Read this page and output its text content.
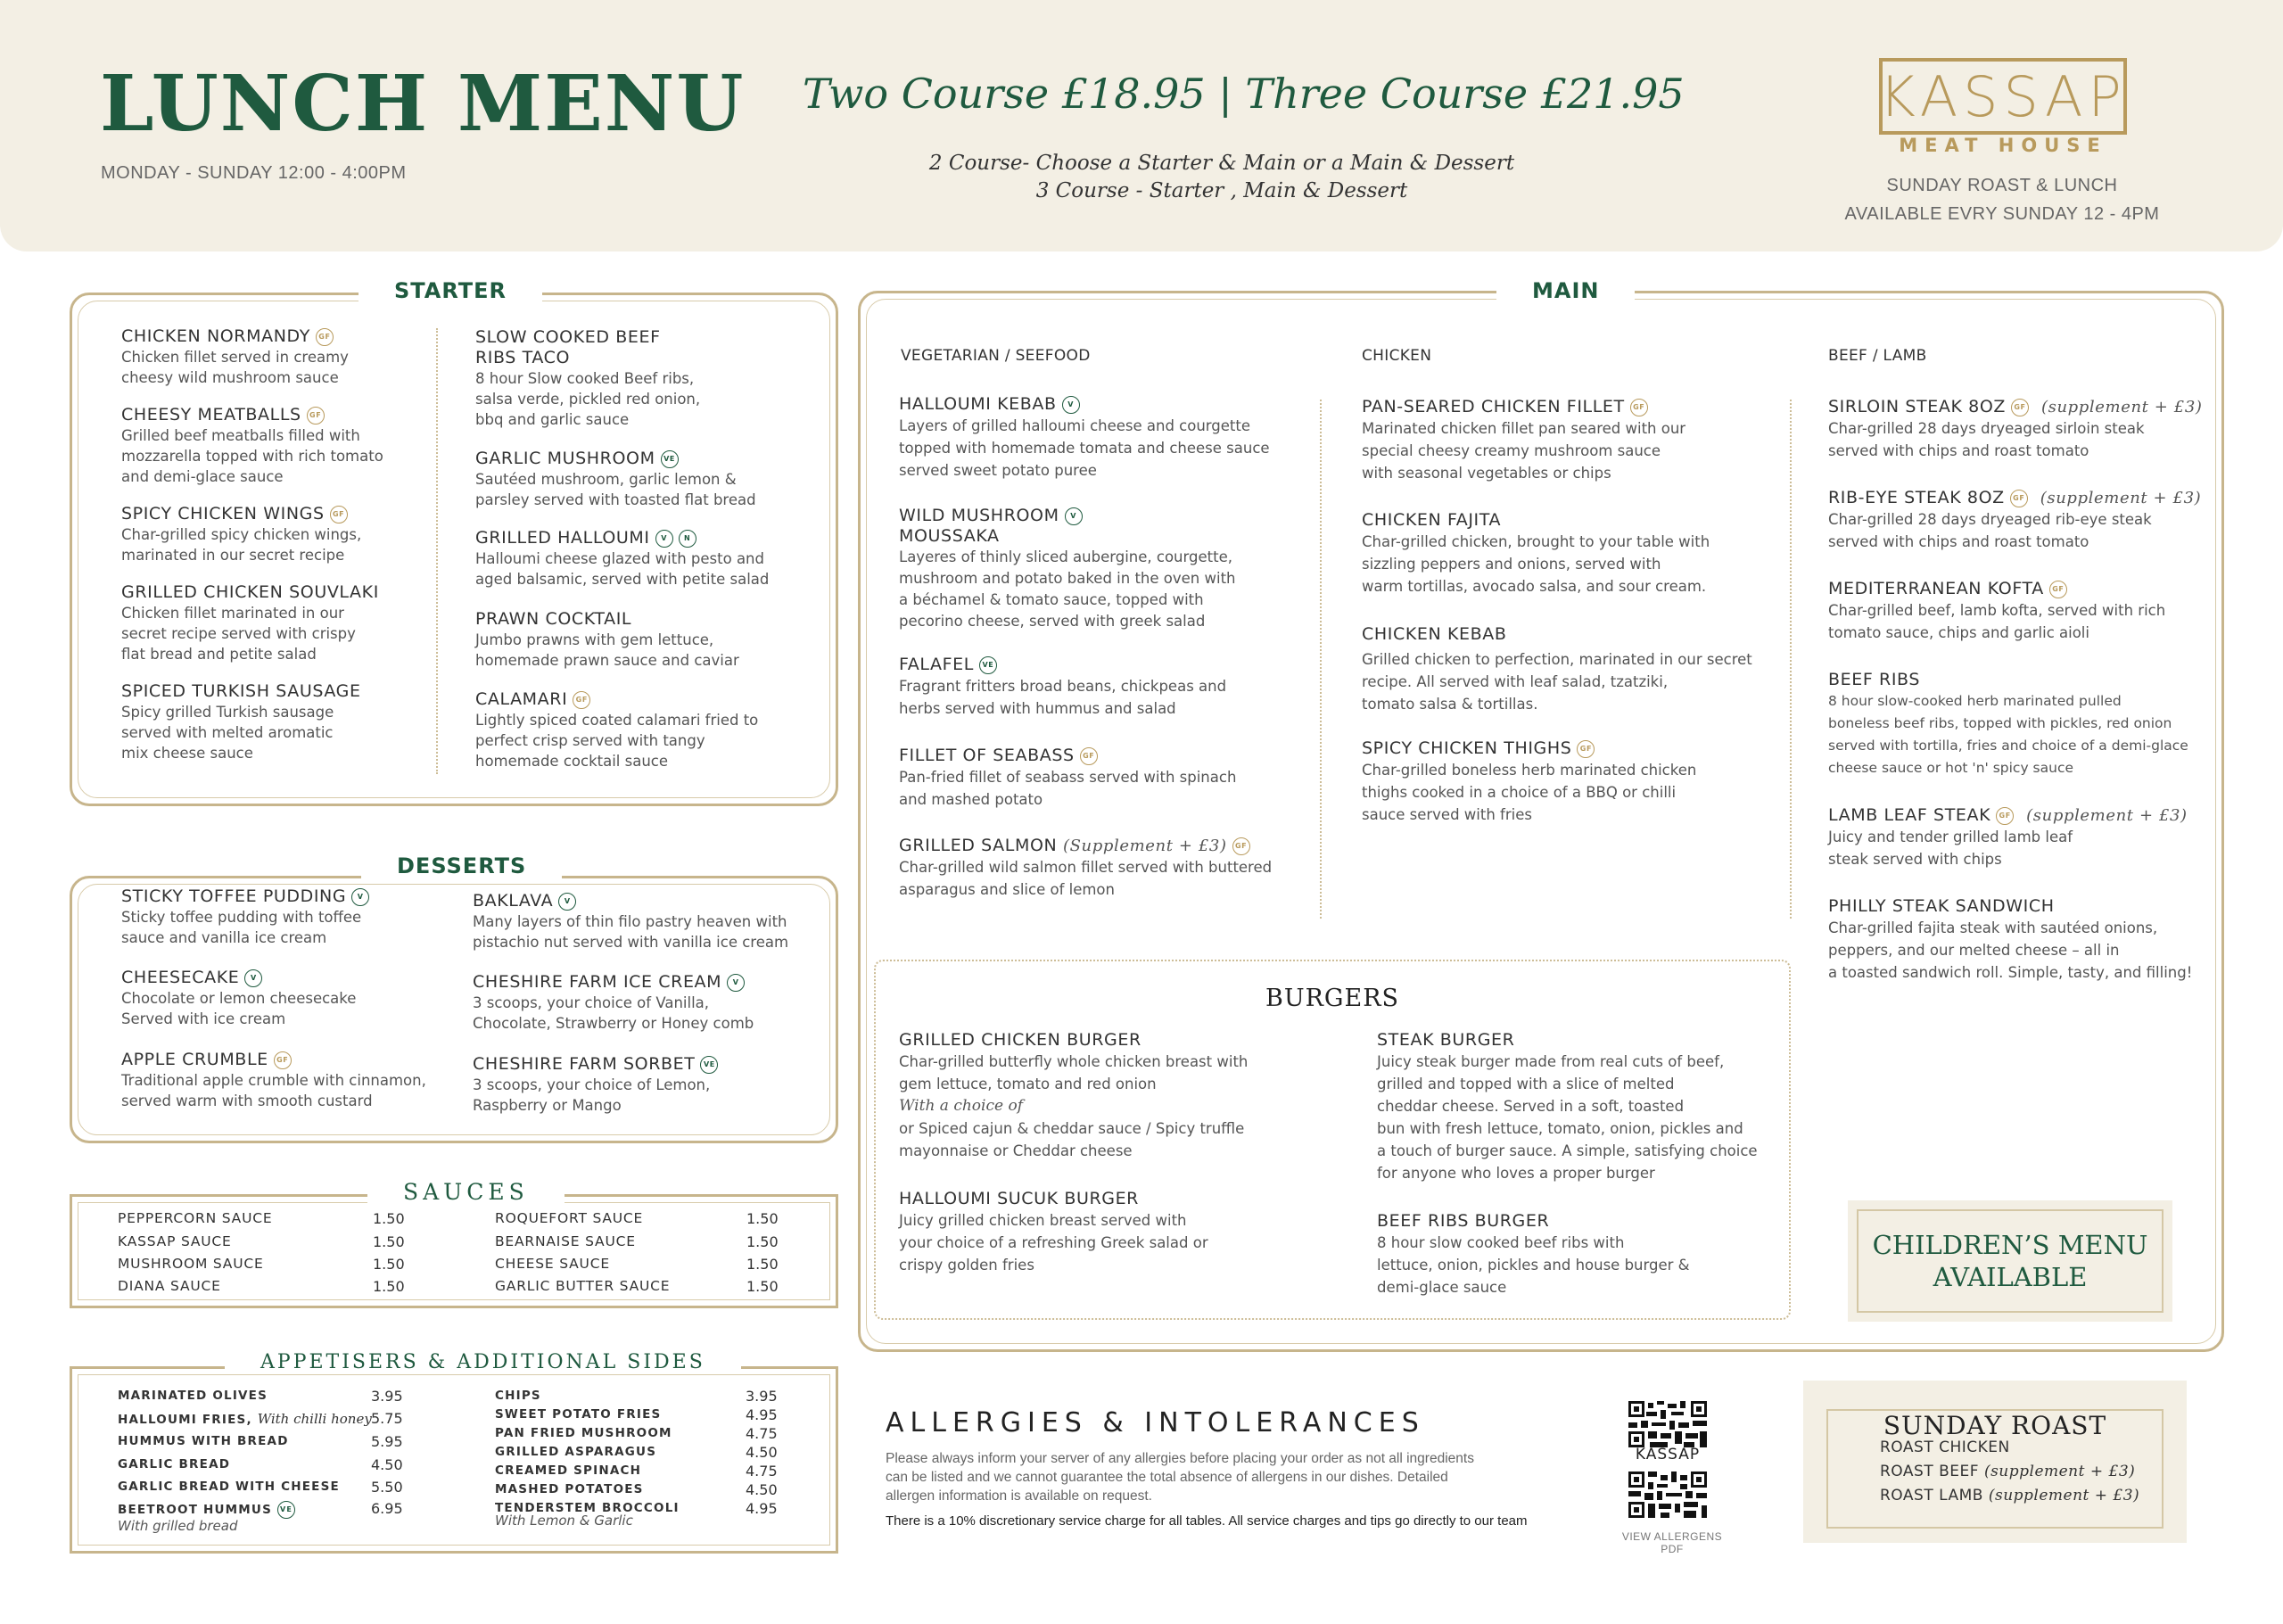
LUNCH MENU
MONDAY - SUNDAY 12:00 - 4:00PM
Two Course £18.95 | Three Course £21.95
2 Course- Choose a Starter & Main or a Main & Dessert
3 Course - Starter , Main & Dessert
KASSAP
MEAT HOUSE
SUNDAY ROAST & LUNCH
AVAILABLE EVRY SUNDAY 12 - 4PM
STARTER
CHICKEN NORMANDY GF
Chicken fillet served in creamy
cheesy wild mushroom sauce
CHEESY MEATBALLS GF
Grilled beef meatballs filled with
mozzarella topped with rich tomato
and demi-glace sauce
SPICY CHICKEN WINGS GF
Char-grilled spicy chicken wings,
marinated in our secret recipe
GRILLED CHICKEN SOUVLAKI
Chicken fillet marinated in our
secret recipe served with crispy
flat bread and petite salad
SPICED TURKISH SAUSAGE
Spicy grilled Turkish sausage
served with melted aromatic
mix cheese sauce
SLOW COOKED BEEF
RIBS TACO
8 hour Slow cooked Beef ribs,
salsa verde, pickled red onion,
bbq and garlic sauce
GARLIC MUSHROOM VE
Sautéed mushroom, garlic lemon &
parsley served with toasted flat bread
GRILLED HALLOUMI V N
Halloumi cheese glazed with pesto and
aged balsamic, served with petite salad
PRAWN COCKTAIL
Jumbo prawns with gem lettuce,
homemade prawn sauce and caviar
CALAMARI GF
Lightly spiced coated calamari fried to
perfect crisp served with tangy
homemade cocktail sauce
DESSERTS
STICKY TOFFEE PUDDING V
Sticky toffee pudding with toffee
sauce and vanilla ice cream
CHEESECAKE V
Chocolate or lemon cheesecake
Served with ice cream
APPLE CRUMBLE GF
Traditional apple crumble with cinnamon,
served warm with smooth custard
BAKLAVA V
Many layers of thin filo pastry heaven with
pistachio nut served with vanilla ice cream
CHESHIRE FARM ICE CREAM V
3 scoops, your choice of Vanilla,
Chocolate, Strawberry or Honey comb
CHESHIRE FARM SORBET VE
3 scoops, your choice of Lemon,
Raspberry or Mango
SAUCES
PEPPERCORN SAUCE
KASSAP SAUCE
MUSHROOM SAUCE
DIANA SAUCE
1.50
1.50
1.50
1.50
ROQUEFORT SAUCE
BEARNAISE SAUCE
CHEESE SAUCE
GARLIC BUTTER SAUCE
1.50
1.50
1.50
1.50
APPETISERS & ADDITIONAL SIDES
MARINATED OLIVES
HALLOUMI FRIES, With chilli honey
HUMMUS WITH BREAD
GARLIC BREAD
GARLIC BREAD WITH CHEESE
BEETROOT HUMMUS VE
With grilled bread
3.95
5.75
5.95
4.50
5.50
6.95
CHIPS
SWEET POTATO FRIES
PAN FRIED MUSHROOM
GRILLED ASPARAGUS
CREAMED SPINACH
MASHED POTATOES
TENDERSTEM BROCCOLI
With Lemon & Garlic
3.95
4.95
4.75
4.50
4.75
4.50
4.95
MAIN
VEGETARIAN / SEEFOOD	CHICKEN	BEEF / LAMB
HALLOUMI KEBAB V
Layers of grilled halloumi cheese and courgette
topped with homemade tomata and cheese sauce
served sweet potato puree
WILD MUSHROOM V
MOUSSAKA
Layeres of thinly sliced aubergine, courgette,
mushroom and potato baked in the oven with
a béchamel & tomato sauce, topped with
pecorino cheese, served with greek salad
FALAFEL VE
Fragrant fritters broad beans, chickpeas and
herbs served with hummus and salad
FILLET OF SEABASS GF
Pan-fried fillet of seabass served with spinach
and mashed potato
GRILLED SALMON (Supplement + £3) GF
Char-grilled wild salmon fillet served with buttered
asparagus and slice of lemon
PAN-SEARED CHICKEN FILLET GF
Marinated chicken fillet pan seared with our
special cheesy creamy mushroom sauce
with seasonal vegetables or chips
CHICKEN FAJITA
Char-grilled chicken, brought to your table with
sizzling peppers and onions, served with
warm tortillas, avocado salsa, and sour cream.
CHICKEN KEBAB
Grilled chicken to perfection, marinated in our secret
recipe. All served with leaf salad, tzatziki,
tomato salsa & tortillas.
SPICY CHICKEN THIGHS GF
Char-grilled boneless herb marinated chicken
thighs cooked in a choice of a BBQ or chilli
sauce served with fries
SIRLOIN STEAK 8OZ GF (supplement + £3)
Char-grilled 28 days dryeaged sirloin steak
served with chips and roast tomato
RIB-EYE STEAK 8OZ GF (supplement + £3)
Char-grilled 28 days dryeaged rib-eye steak
served with chips and roast tomato
MEDITERRANEAN KOFTA GF
Char-grilled beef, lamb kofta, served with rich
tomato sauce, chips and garlic aioli
BEEF RIBS
8 hour slow-cooked herb marinated pulled
boneless beef ribs, topped with pickles, red onion
served with tortilla, fries and choice of a demi-glace
cheese sauce or hot 'n' spicy sauce
LAMB LEAF STEAK GF (supplement + £3)
Juicy and tender grilled lamb leaf
steak served with chips
PHILLY STEAK SANDWICH
Char-grilled fajita steak with sautéed onions,
peppers, and our melted cheese – all in
a toasted sandwich roll. Simple, tasty, and filling!
BURGERS
GRILLED CHICKEN BURGER
Char-grilled butterfly whole chicken breast with
gem lettuce, tomato and red onion
With a choice of
or Spiced cajun & cheddar sauce / Spicy truffle
mayonnaise or Cheddar cheese
HALLOUMI SUCUK BURGER
Juicy grilled chicken breast served with
your choice of a refreshing Greek salad or
crispy golden fries
STEAK BURGER
Juicy steak burger made from real cuts of beef,
grilled and topped with a slice of melted
cheddar cheese. Served in a soft, toasted
bun with fresh lettuce, tomato, onion, pickles and
a touch of burger sauce. A simple, satisfying choice
for anyone who loves a proper burger
BEEF RIBS BURGER
8 hour slow cooked beef ribs with
lettuce, onion, pickles and house burger &
demi-glace sauce
CHILDREN’S MENU
AVAILABLE
ALLERGIES & INTOLERANCES
Please always inform your server of any allergies before placing your order as not all ingredients
can be listed and we cannot guarantee the total absence of allergens in our dishes. Detailed
allergen information is available on request.
There is a 10% discretionary service charge for all tables. All service charges and tips go directly to our team
KASSAP
VIEW ALLERGENS PDF
SUNDAY ROAST
ROAST CHICKEN
ROAST BEEF (supplement + £3)
ROAST LAMB (supplement + £3)
